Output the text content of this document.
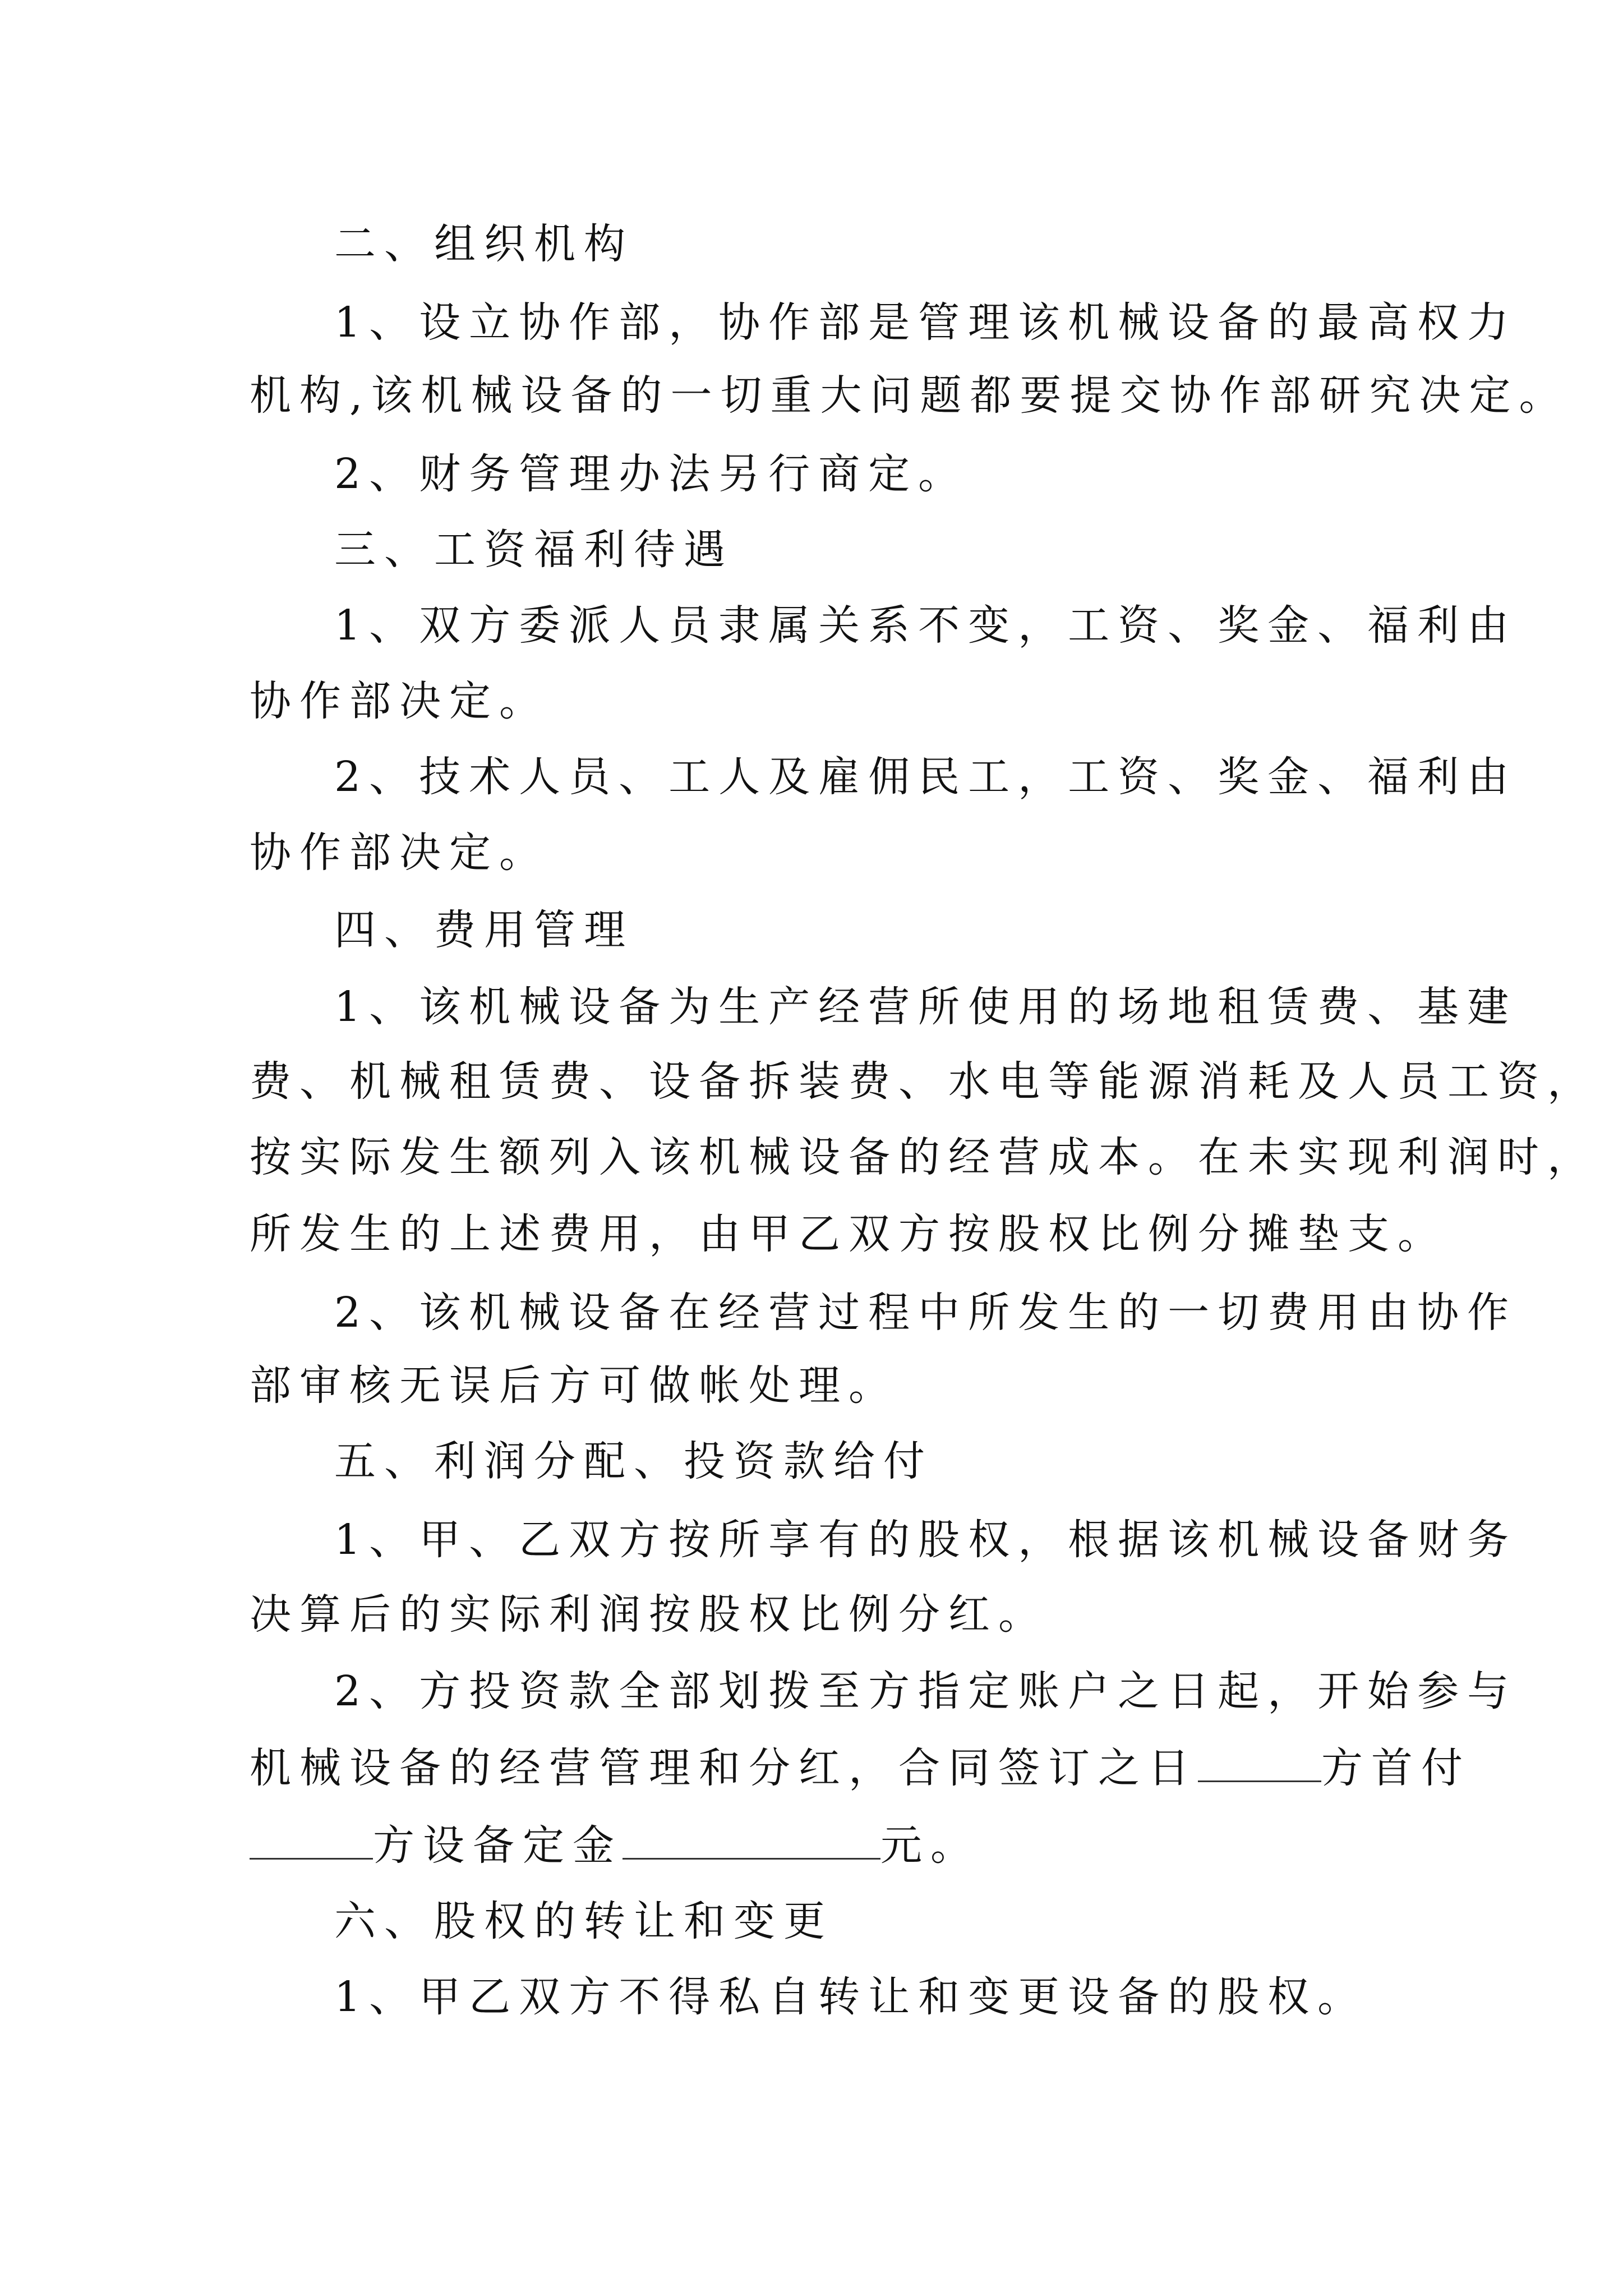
二、组织机构
1、设立协作部，协作部是管理该机械设备的最高权力
机构,该机械设备的一切重大问题都要提交协作部研究决定。
2、财务管理办法另行商定。
三、工资福利待遇
1、双方委派人员隶属关系不变，工资、奖金、福利由
协作部决定。
2、技术人员、工人及雇佣民工，工资、奖金、福利由
协作部决定。
四、费用管理
1、该机械设备为生产经营所使用的场地租赁费、基建
费、机械租赁费、设备拆装费、水电等能源消耗及人员工资，
按实际发生额列入该机械设备的经营成本。在未实现利润时，
所发生的上述费用，由甲乙双方按股权比例分摊垫支。
2、该机械设备在经营过程中所发生的一切费用由协作
部审核无误后方可做帐处理。
五、利润分配、投资款给付
1、甲、乙双方按所享有的股权，根据该机械设备财务
决算后的实际利润按股权比例分红。
2、方投资款全部划拨至方指定账户之日起，开始参与
机械设备的经营管理和分红，合同签订之日	方首付
方设备定金	元。
六、股权的转让和变更
1、甲乙双方不得私自转让和变更设备的股权。
